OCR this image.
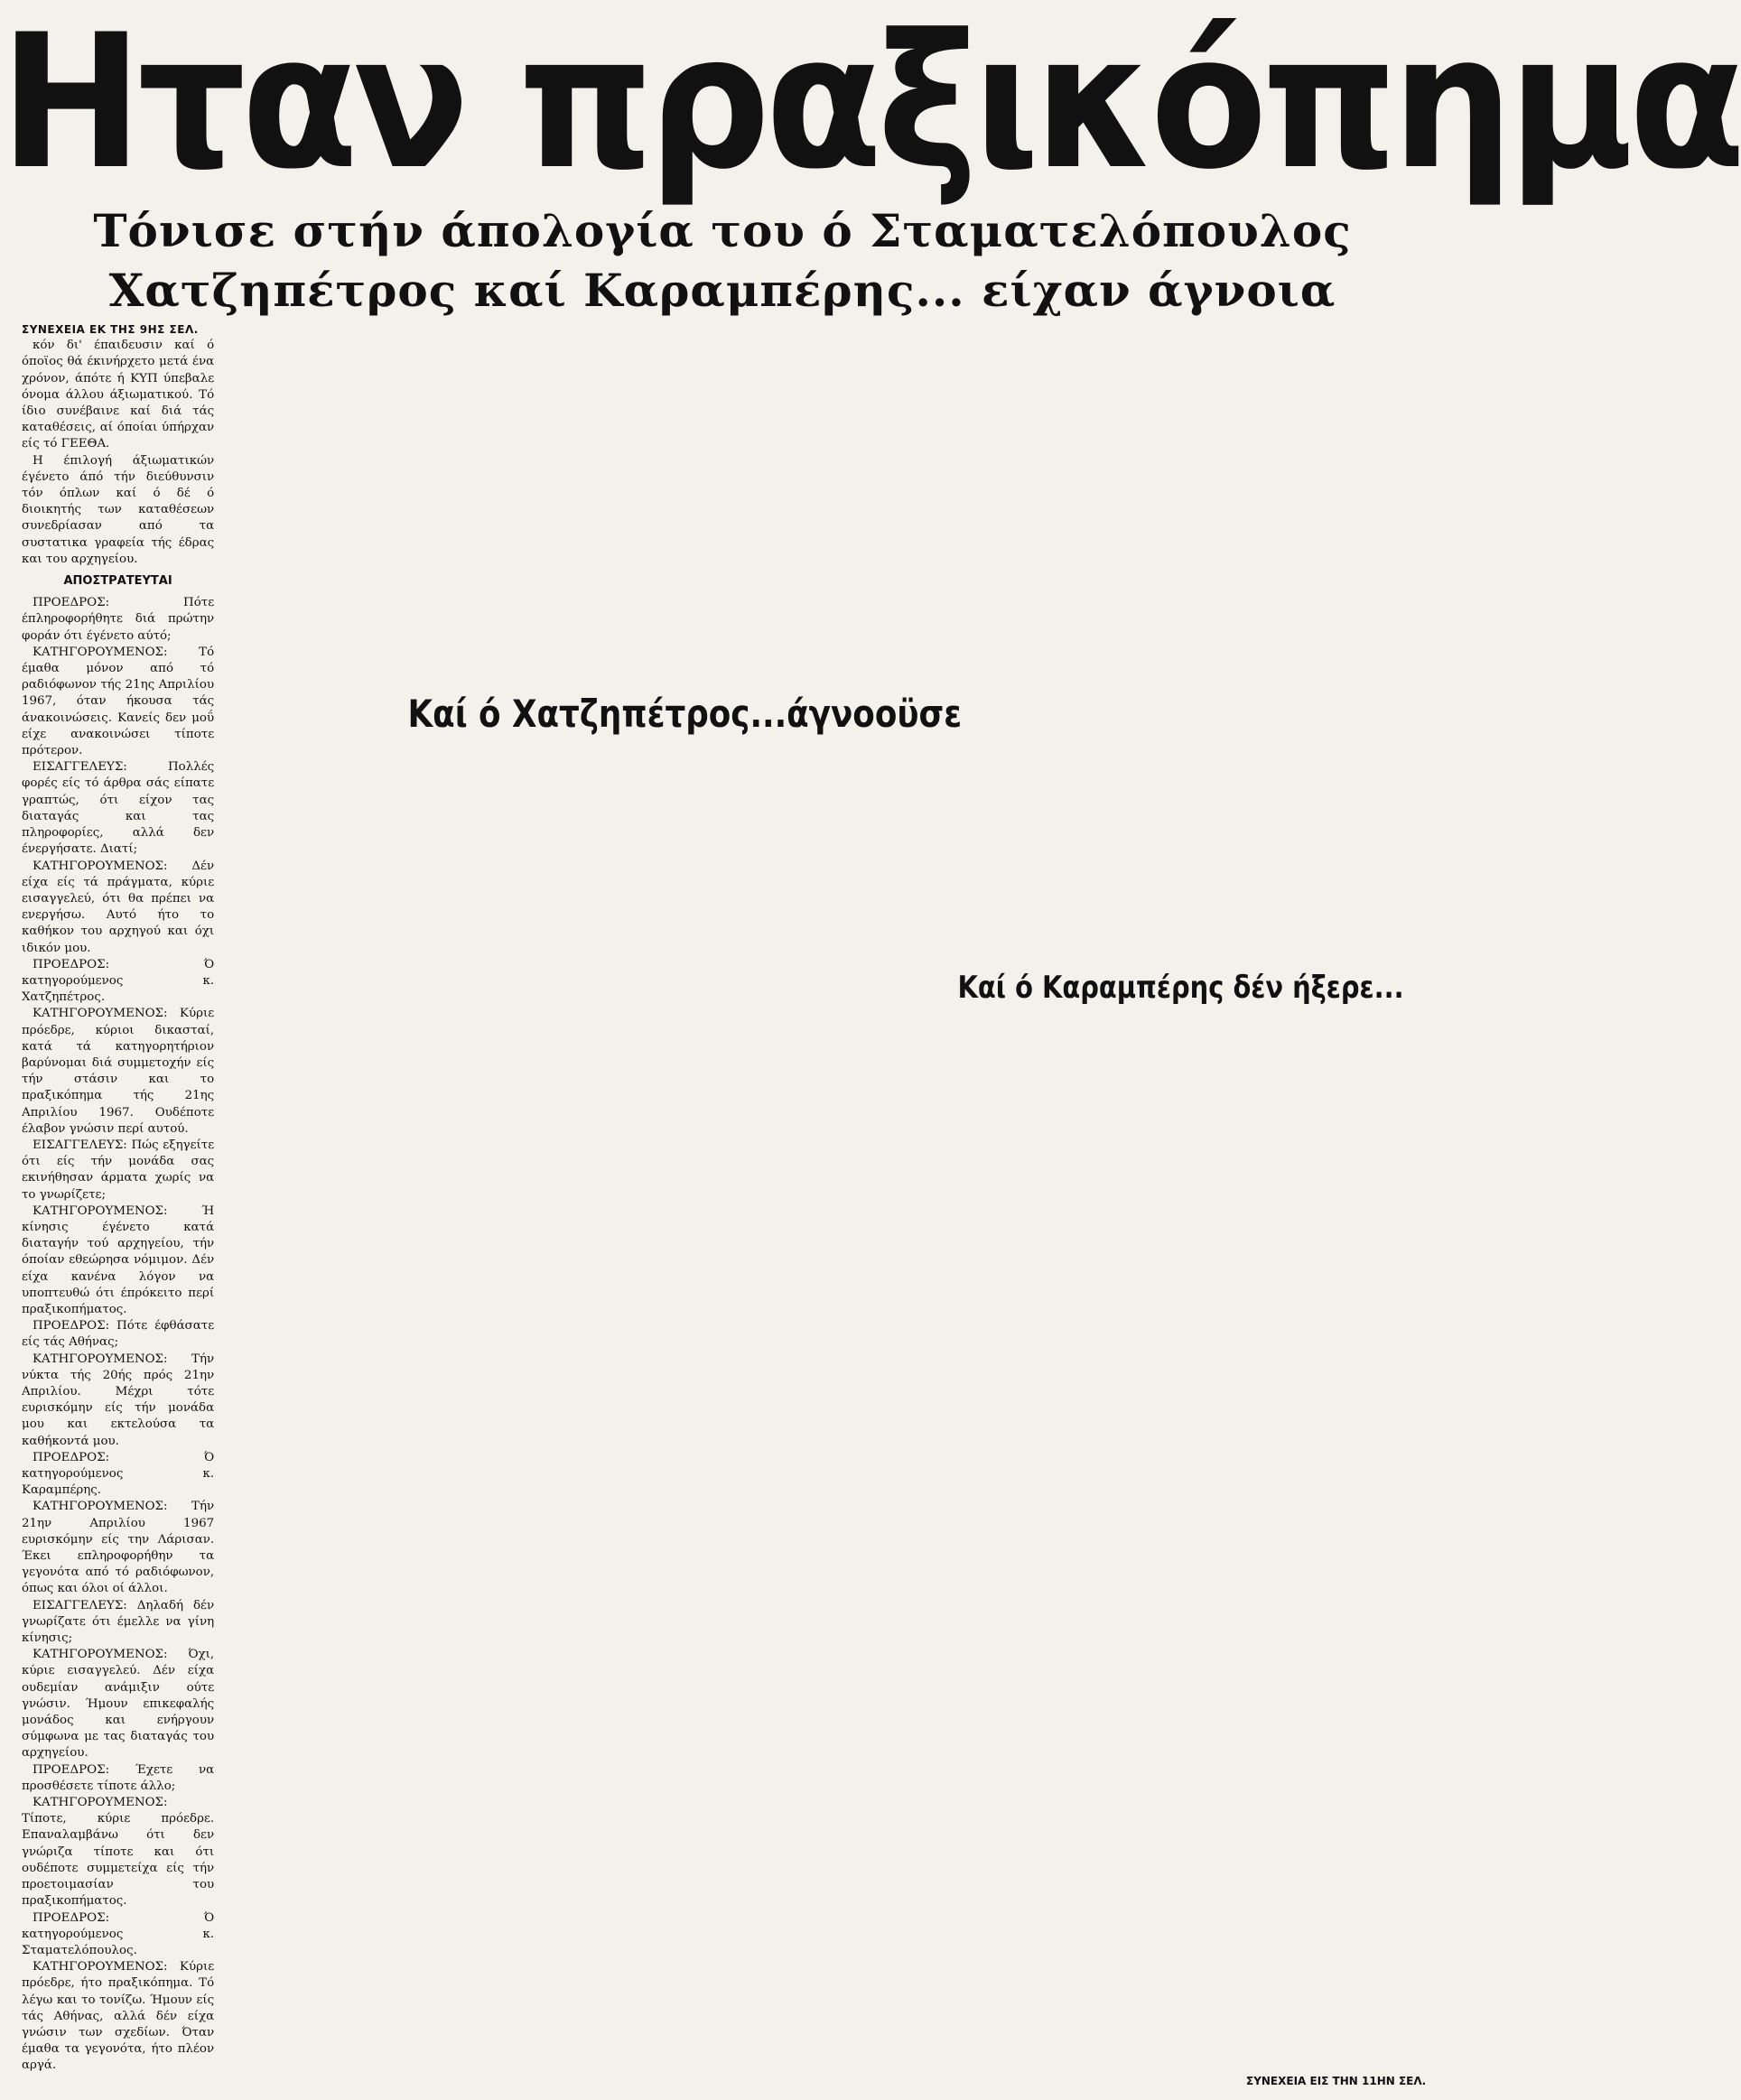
Ηταν πραξικόπημα
Τόνισε στήν άπολογία του ό Σταματελόπουλος
Χατζηπέτρος καί Καραμπέρης... είχαν άγνοια

ΣΥΝΕΧΕΙΑ ΕΚ ΤΗΣ 9ΗΣ ΣΕΛ.

κόν δι' έπαιδευσιν καί ό όποϊος θά έκινήρχετο μετά ένα χρόνον, άπότε ή ΚΥΠ ύπεβαλε όνομα άλλου άξιωματικού. Τό ίδιο συνέβαινε καί διά τάς καταθέσεις, αί όποίαι ύπήρχαν είς τό ΓΕΕΘΑ.

Η έπιλογή άξιωματικών έγένετο άπό τήν διεύθυνσιν τόν όπλων καί ό δέ ό διοικητής των καταθέσεων συνεδρίασαν από τα συστατικα γραφεία τής έδρας και του αρχηγείου.

ΑΠΟΣΤΡΑΤΕΥΤΑΙ

ΠΡΟΕΔΡΟΣ: Πότε έπληροφορήθητε διά πρώτην φοράν ότι έγένετο αύτό;

ΚΑΤΗΓΟΡΟΥΜΕΝΟΣ: Τό έμαθα μόνον από τό ραδιόφωνον τής 21ης Απριλίου 1967, όταν ήκουσα τάς άνακοινώσεις. Κανείς δεν μοΰ είχε ανακοινώσει τίποτε πρότερον.

ΕΙΣΑΓΓΕΛΕΥΣ: Πολλές φορές είς τό άρθρα σάς είπατε γραπτώς, ότι είχον τας διαταγάς και τας πληροφορίες, αλλά δεν ένεργήσατε. Διατί;

ΚΑΤΗΓΟΡΟΥΜΕΝΟΣ: Δέν είχα είς τά πράγματα, κύριε εισαγγελεύ, ότι θα πρέπει να ενεργήσω. Αυτό ήτο το καθήκον του αρχηγού και όχι ιδικόν μου.

ΠΡΟΕΔΡΟΣ: Ό κατηγορούμενος κ. Χατζηπέτρος.

ΚΑΤΗΓΟΡΟΥΜΕΝΟΣ: Κύριε πρόεδρε, κύριοι δικασταί, κατά τά κατηγορητήριον βαρύνομαι διά συμμετοχήν είς τήν στάσιν και το πραξικόπημα τής 21ης Απριλίου 1967. Ουδέποτε έλαβον γνώσιν περί αυτού.

ΕΙΣΑΓΓΕΛΕΥΣ: Πώς εξηγείτε ότι είς τήν μονάδα σας εκινήθησαν άρματα χωρίς να το γνωρίζετε;

ΚΑΤΗΓΟΡΟΥΜΕΝΟΣ: Ή κίνησις έγένετο κατά διαταγήν τού αρχηγείου, τήν όποίαν εθεώρησα νόμιμον. Δέν είχα κανένα λόγον να υποπτευθώ ότι έπρόκειτο περί πραξικοπήματος.

ΠΡΟΕΔΡΟΣ: Πότε έφθάσατε είς τάς Αθήνας;

ΚΑΤΗΓΟΡΟΥΜΕΝΟΣ: Τήν νύκτα τής 20ής πρός 21ην Απριλίου. Μέχρι τότε ευρισκόμην είς τήν μονάδα μου και εκτελούσα τα καθήκοντά μου.

ΠΡΟΕΔΡΟΣ: Ό κατηγορούμενος κ. Καραμπέρης.

ΚΑΤΗΓΟΡΟΥΜΕΝΟΣ: Τήν 21ην Απριλίου 1967 ευρισκόμην είς την Λάρισαν. Έκει επληροφορήθην τα γεγονότα από τό ραδιόφωνον, όπως και όλοι οί άλλοι.

ΕΙΣΑΓΓΕΛΕΥΣ: Δηλαδή δέν γνωρίζατε ότι έμελλε να γίνη κίνησις;

ΚΑΤΗΓΟΡΟΥΜΕΝΟΣ: Όχι, κύριε εισαγγελεύ. Δέν είχα ουδεμίαν ανάμιξιν ούτε γνώσιν. Ήμουν επικεφαλής μονάδος και ενήργουν σύμφωνα με τας διαταγάς του αρχηγείου.

ΠΡΟΕΔΡΟΣ: Έχετε να προσθέσετε τίποτε άλλο;

ΚΑΤΗΓΟΡΟΥΜΕΝΟΣ: Τίποτε, κύριε πρόεδρε. Επαναλαμβάνω ότι δεν γνώριζα τίποτε και ότι ουδέποτε συμμετείχα είς τήν προετοιμασίαν του πραξικοπήματος.

ΠΡΟΕΔΡΟΣ: Ό κατηγορούμενος κ. Σταματελόπουλος.

ΚΑΤΗΓΟΡΟΥΜΕΝΟΣ: Κύριε πρόεδρε, ήτο πραξικόπημα. Τό λέγω και το τονίζω. Ήμουν είς τάς Αθήνας, αλλά δέν είχα γνώσιν των σχεδίων. Όταν έμαθα τα γεγονότα, ήτο πλέον αργά.

Καί ό Χατζηπέτρος...άγνοοϋσε
Καί ό Καραμπέρης δέν ήξερε...
ΣΥΝΕΧΕΙΑ ΕΙΣ ΤΗΝ 11ΗΝ ΣΕΛ.
